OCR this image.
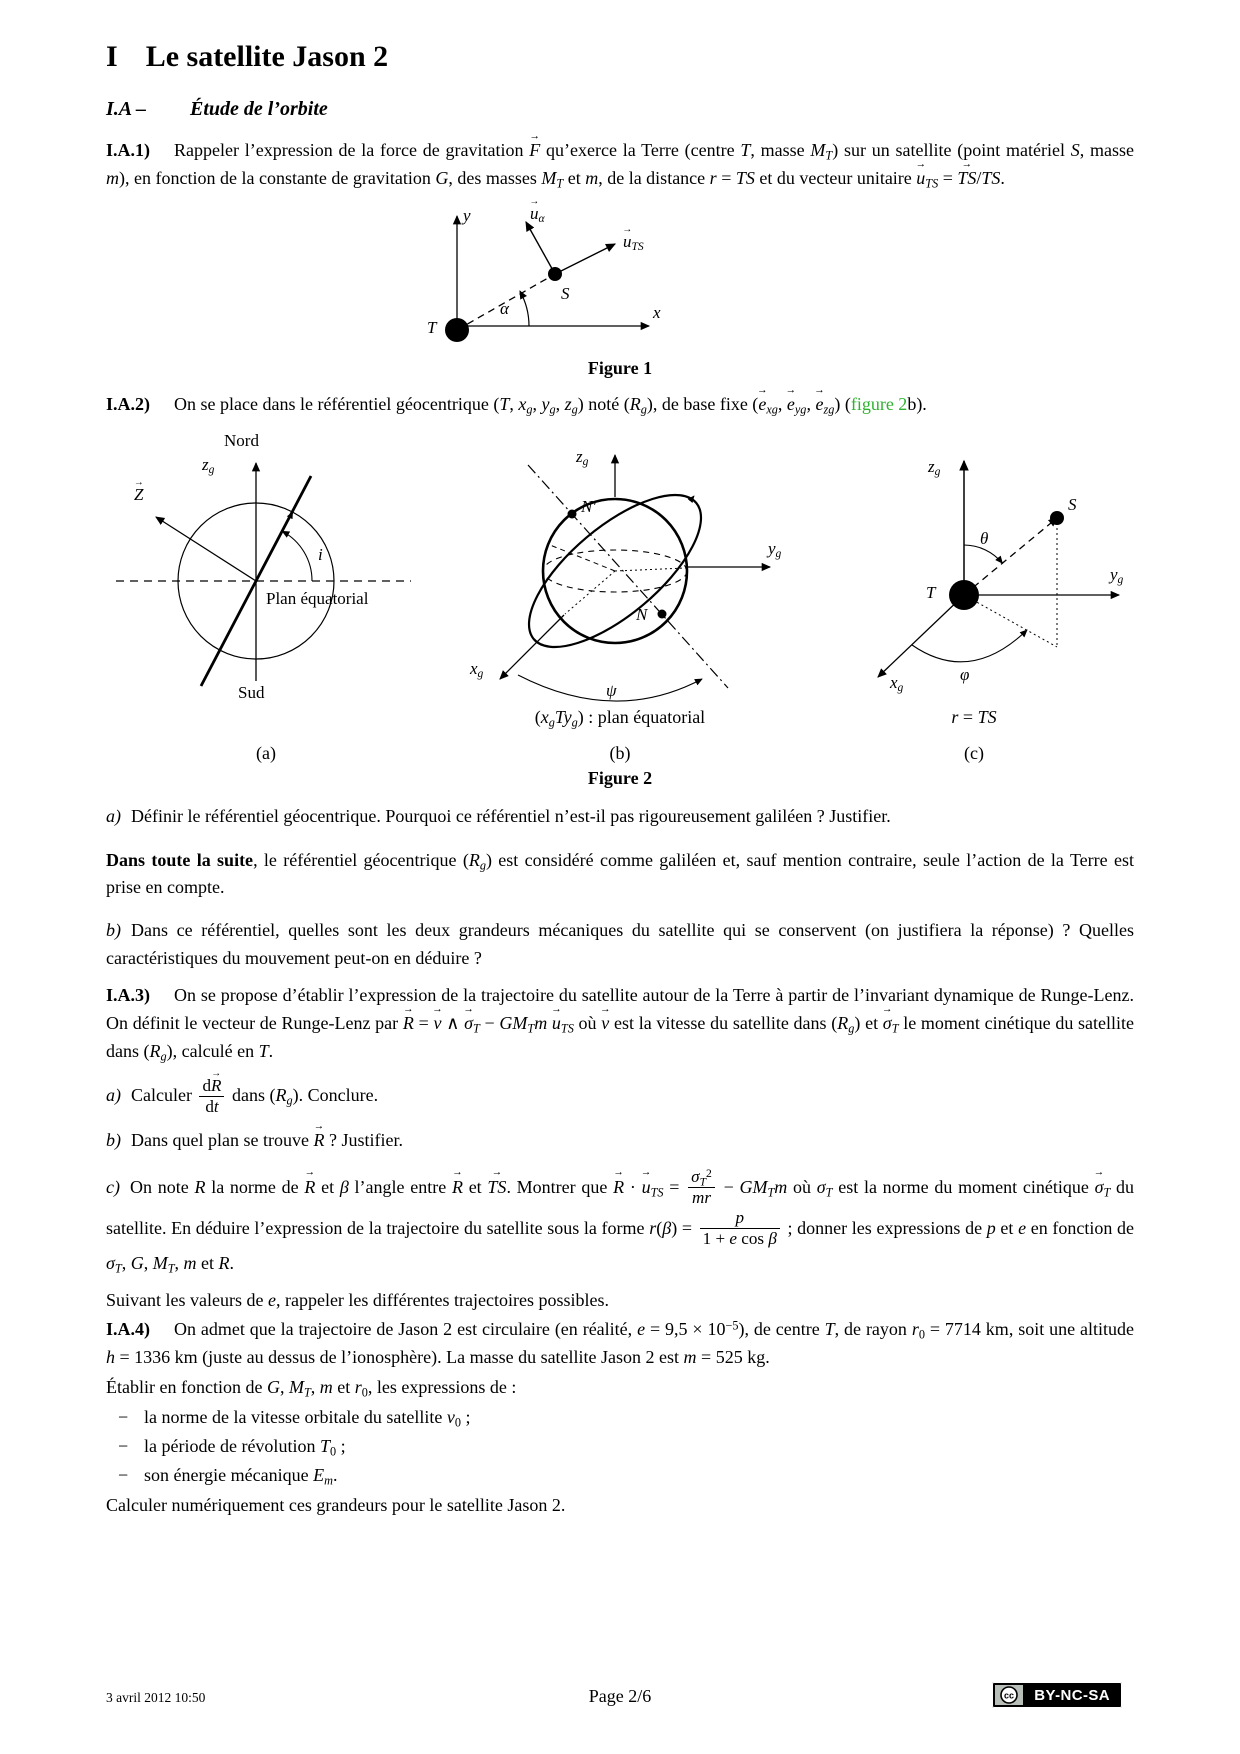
I Le satellite Jason 2
I.A – Étude de l’orbite

I.A.1) Rappeler l’expression de la force de gravitation → F qu’exerce la Terre (centre T, masse $M_T$) sur un satellite (point matériel S, masse m), en fonction de la constante de gravitation G, des masses $M_T$ et m, de la distance r = TS et du vecteur unitaire → $u_{TS}$ = → TS/TS.

y
x
→ $u_\alpha$
→ $u_{TS}$
S
T
α
Figure 1

I.A.2) On se place dans le référentiel géocentrique (T, $x_g$, $y_g$, $z_g$) noté $(R_g)$, de base fixe (→ $e_{xg}$, → $e_{yg}$, → $e_{zg}$) (figure 2b).

Nord
$z_g$
→ Z
i
Plan équatorial
Sud
(a)
$z_g$
$y_g$
$x_g$
N′
N
ψ
$(x_gTy_g)$ : plan équatorial
(b)
$z_g$
$y_g$
$x_g$
T
S
θ
φ
r = TS
(c)
Figure 2

a) Définir le référentiel géocentrique. Pourquoi ce référentiel n’est-il pas rigoureusement galiléen ? Justifier.

Dans toute la suite, le référentiel géocentrique $(R_g)$ est considéré comme galiléen et, sauf mention contraire, seule l’action de la Terre est prise en compte.

b) Dans ce référentiel, quelles sont les deux grandeurs mécaniques du satellite qui se conservent (on justifiera la réponse) ? Quelles caractéristiques du mouvement peut-on en déduire ?

I.A.3) On se propose d’établir l’expression de la trajectoire du satellite autour de la Terre à partir de l’invariant dynamique de Runge-Lenz. On définit le vecteur de Runge-Lenz par → R = → v ∧ → $\sigma_T - GM_Tm \to u_{TS}$ où → v est la vitesse du satellite dans $(R_g)$ et → $\sigma_T$ le moment cinétique du satellite dans $(R_g)$, calculé en T.

a) Calculer $\frac{d\to R}{dt}$ dans $(R_g)$. Conclure.

b) Dans quel plan se trouve → R ? Justifier.

c) On note R la norme de → R et β l’angle entre → R et → TS. Montrer que → R · → $u_{TS} = \frac{\sigma_T^2}{mr} - GM_Tm$ où $\sigma_T$ est la norme du moment cinétique → $\sigma_T$ du satellite. En déduire l’expression de la trajectoire du satellite sous la forme $r(\beta) = \frac{p}{\text{1 + e cos β}}$ ; donner les expressions de p et e en fonction de $\sigma_T$, G, $M_T$, m et R.

Suivant les valeurs de e, rappeler les différentes trajectoires possibles.

I.A.4) On admet que la trajectoire de Jason 2 est circulaire (en réalité, $e = 9,5 \times 10^{-5}$), de centre T, de rayon $r_0 = 7714$ km, soit une altitude h = 1336 km (juste au dessus de l’ionosphère). La masse du satellite Jason 2 est m = 525 kg.

Établir en fonction de G, $M_T$, m et $r_0$, les expressions de :

− la norme de la vitesse orbitale du satellite $v_0$ ;
− la période de révolution $T_0$ ;
− son énergie mécanique $E_m$.

Calculer numériquement ces grandeurs pour le satellite Jason 2.

3 avril 2012 10:50	Page 2/6	cc	BY-NC-SA
